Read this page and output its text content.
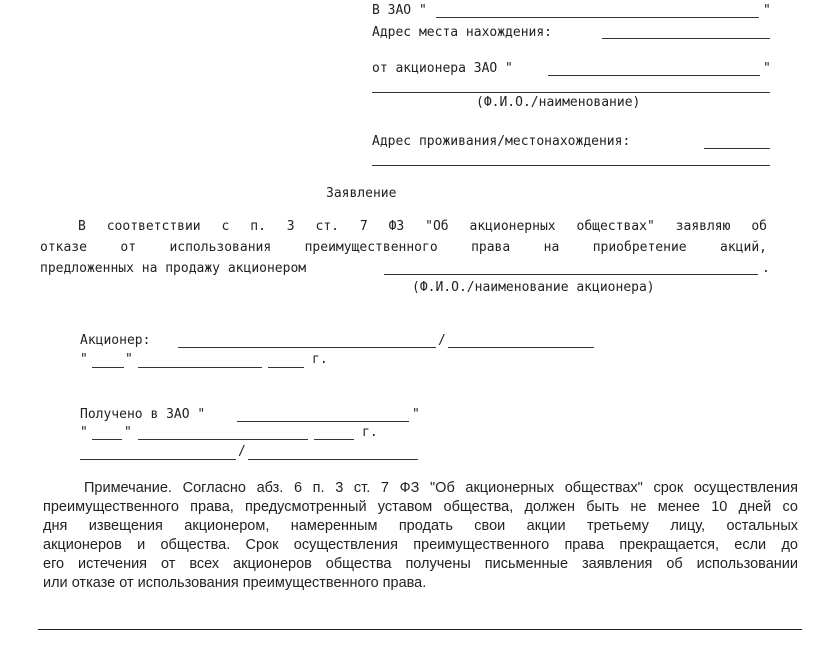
В ЗАО "	"
Адрес места нахождения:
от акционера ЗАО "	"
(Ф.И.О./наименование)
Адрес проживания/местонахождения:
Заявление
В соответствии с п. 3 ст. 7 ФЗ "Об акционерных обществах" заявляю об
отказе от использования преимущественного права на приобретение акций,
предложенных на продажу акционером	.
(Ф.И.О./наименование акционера)
Акционер:	/
"	"	г.
Получено в ЗАО "	"
"	"	г.
/
Примечание. Согласно абз. 6 п. 3 ст. 7 ФЗ "Об акционерных обществах" срок осуществления
преимущественного права, предусмотренный уставом общества, должен быть не менее 10 дней со
дня извещения акционером, намеренным продать свои акции третьему лицу, остальных
акционеров и общества. Срок осуществления преимущественного права прекращается, если до
его истечения от всех акционеров общества получены письменные заявления об использовании
или отказе от использования преимущественного права.
